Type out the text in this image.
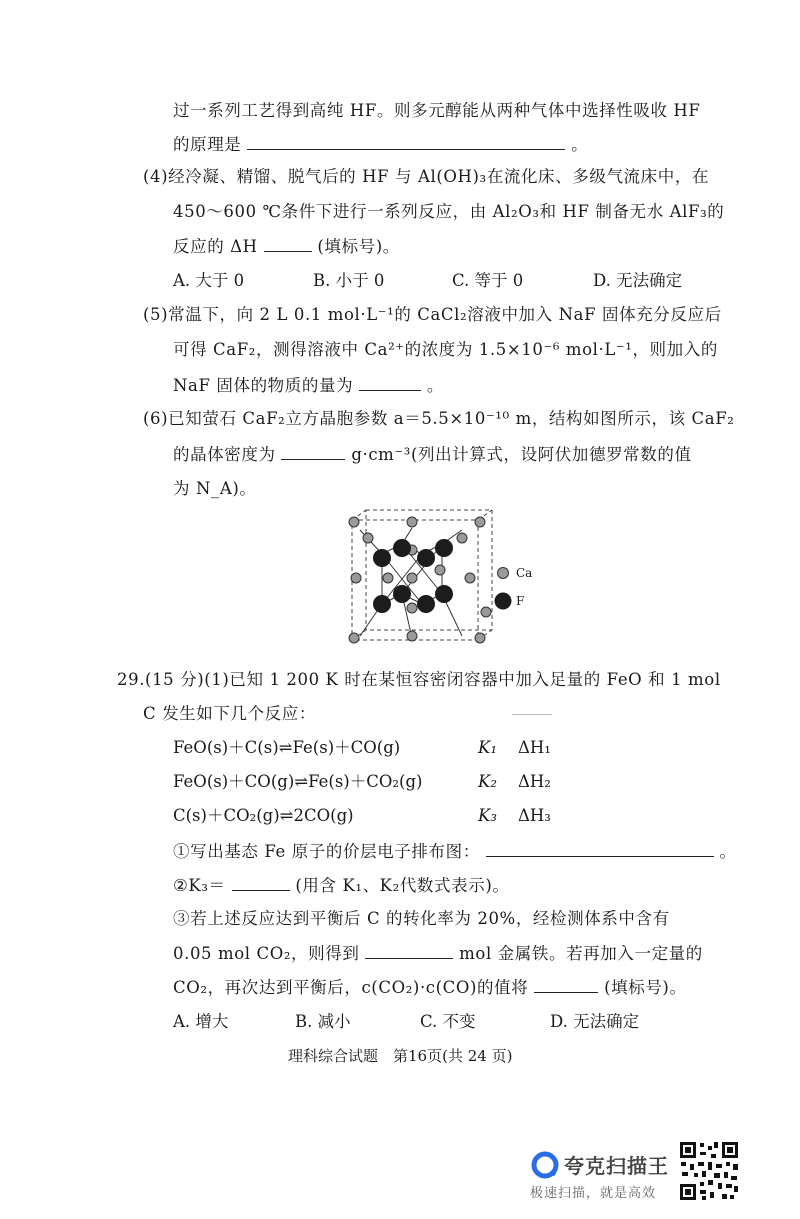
过一系列工艺得到高纯 HF。则多元醇能从两种气体中选择性吸收 HF
的原理是	。
(4)经冷凝、精馏、脱气后的 HF 与 Al(OH)₃在流化床、多级气流床中，在
450～600 ℃条件下进行一系列反应，由 Al₂O₃和 HF 制备无水 AlF₃的
反应的 ΔH	(填标号)。
A. 大于 0	B. 小于 0	C. 等于 0	D. 无法确定
(5)常温下，向 2 L 0.1 mol·L⁻¹的 CaCl₂溶液中加入 NaF 固体充分反应后
可得 CaF₂，测得溶液中 Ca²⁺的浓度为 1.5×10⁻⁶ mol·L⁻¹，则加入的
NaF 固体的物质的量为	。
(6)已知萤石 CaF₂立方晶胞参数 a＝5.5×10⁻¹⁰ m，结构如图所示，该 CaF₂
的晶体密度为	g·cm⁻³(列出计算式，设阿伏加德罗常数的值
为 N_A)。
Ca
F
29.(15 分)(1)已知 1 200 K 时在某恒容密闭容器中加入足量的 FeO 和 1 mol
C 发生如下几个反应：
FeO(s)＋C(s)⇌Fe(s)＋CO(g)	K₁ ΔH₁
FeO(s)＋CO(g)⇌Fe(s)＋CO₂(g)	K₂ ΔH₂
C(s)＋CO₂(g)⇌2CO(g)	K₃ ΔH₃
①写出基态 Fe 原子的价层电子排布图：	。
②K₃＝	(用含 K₁、K₂代数式表示)。
③若上述反应达到平衡后 C 的转化率为 20%，经检测体系中含有
0.05 mol CO₂，则得到	mol 金属铁。若再加入一定量的
CO₂，再次达到平衡后，c(CO₂)·c(CO)的值将	(填标号)。
A. 增大	B. 减小	C. 不变	D. 无法确定
理科综合试题　第16页(共 24 页)
夸克扫描王
极速扫描，就是高效
